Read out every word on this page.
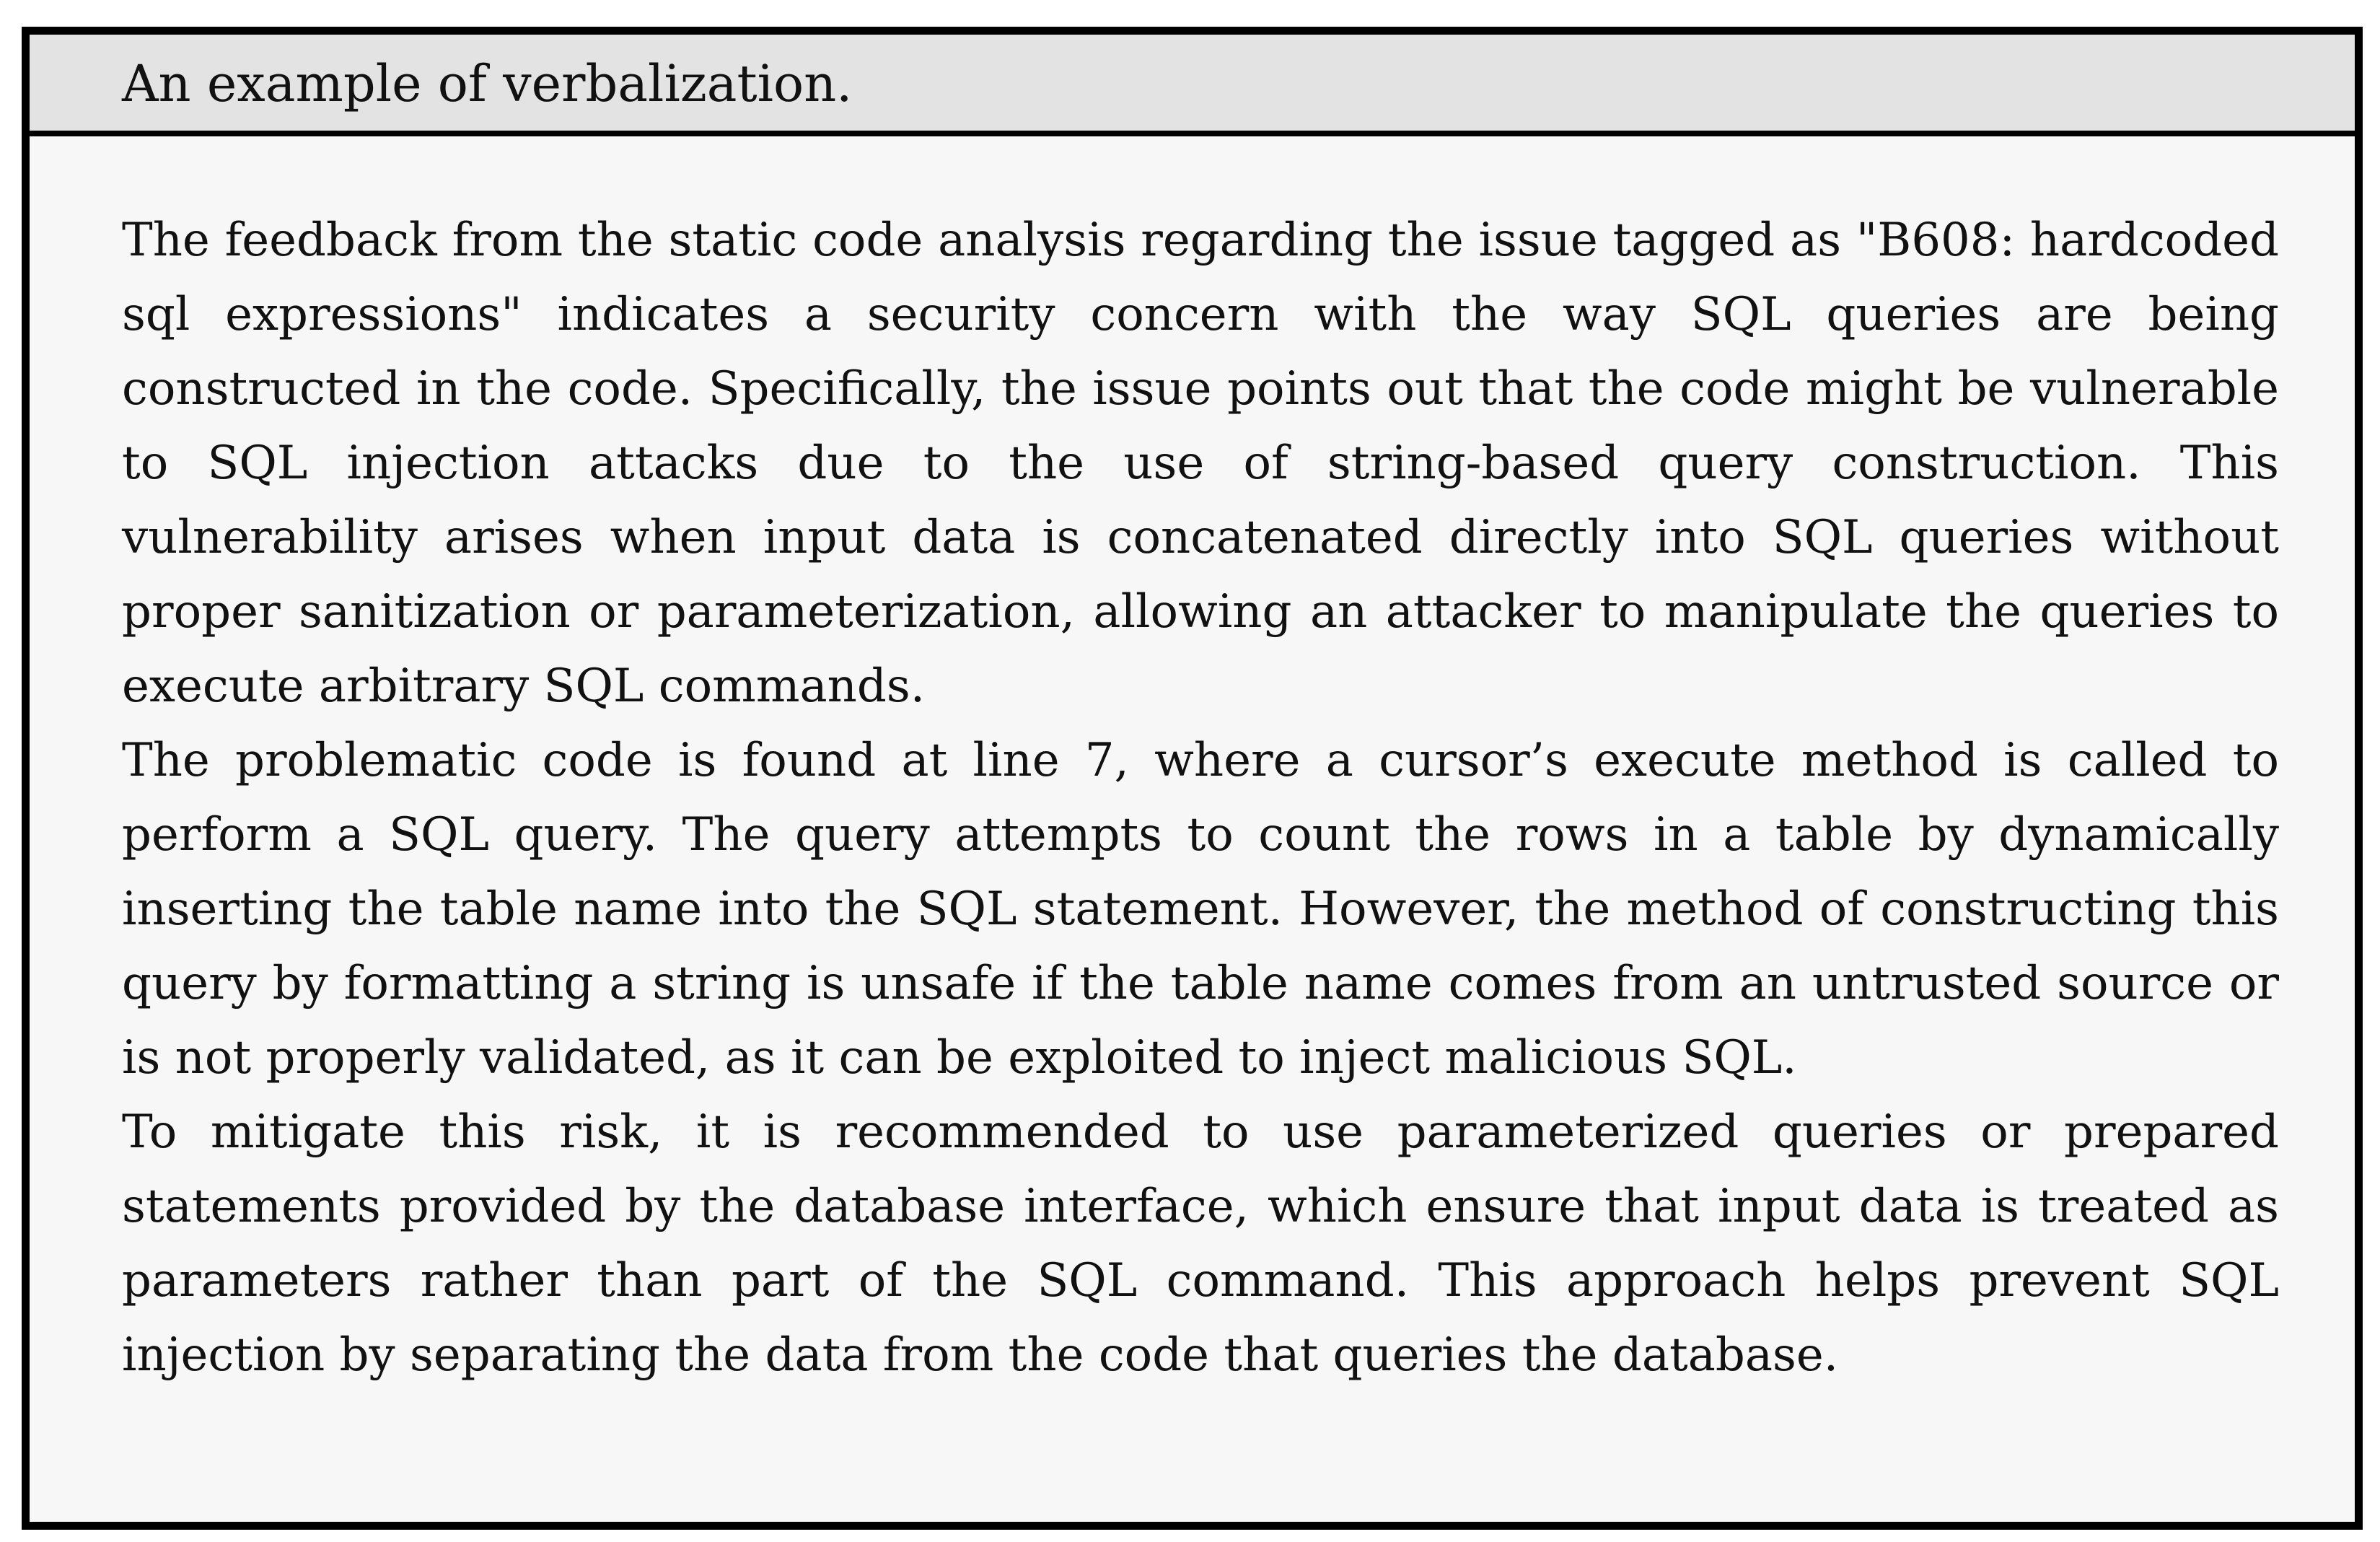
An example of verbalization.

The feedback from the static code analysis regarding the issue tagged as "B608: hardcoded sql expressions" indicates a security concern with the way SQL queries are being constructed in the code. Specifically, the issue points out that the code might be vulnerable to SQL injection attacks due to the use of string-based query construction. This vulnerability arises when input data is concatenated directly into SQL queries without proper sanitization or parameterization, allowing an attacker to manipulate the queries to execute arbitrary SQL commands.

The problematic code is found at line 7, where a cursor’s execute method is called to perform a SQL query. The query attempts to count the rows in a table by dynamically inserting the table name into the SQL statement. However, the method of constructing this query by formatting a string is unsafe if the table name comes from an untrusted source or is not properly validated, as it can be exploited to inject malicious SQL.

To mitigate this risk, it is recommended to use parameterized queries or prepared statements provided by the database interface, which ensure that input data is treated as parameters rather than part of the SQL command. This approach helps prevent SQL injection by separating the data from the code that queries the database.
